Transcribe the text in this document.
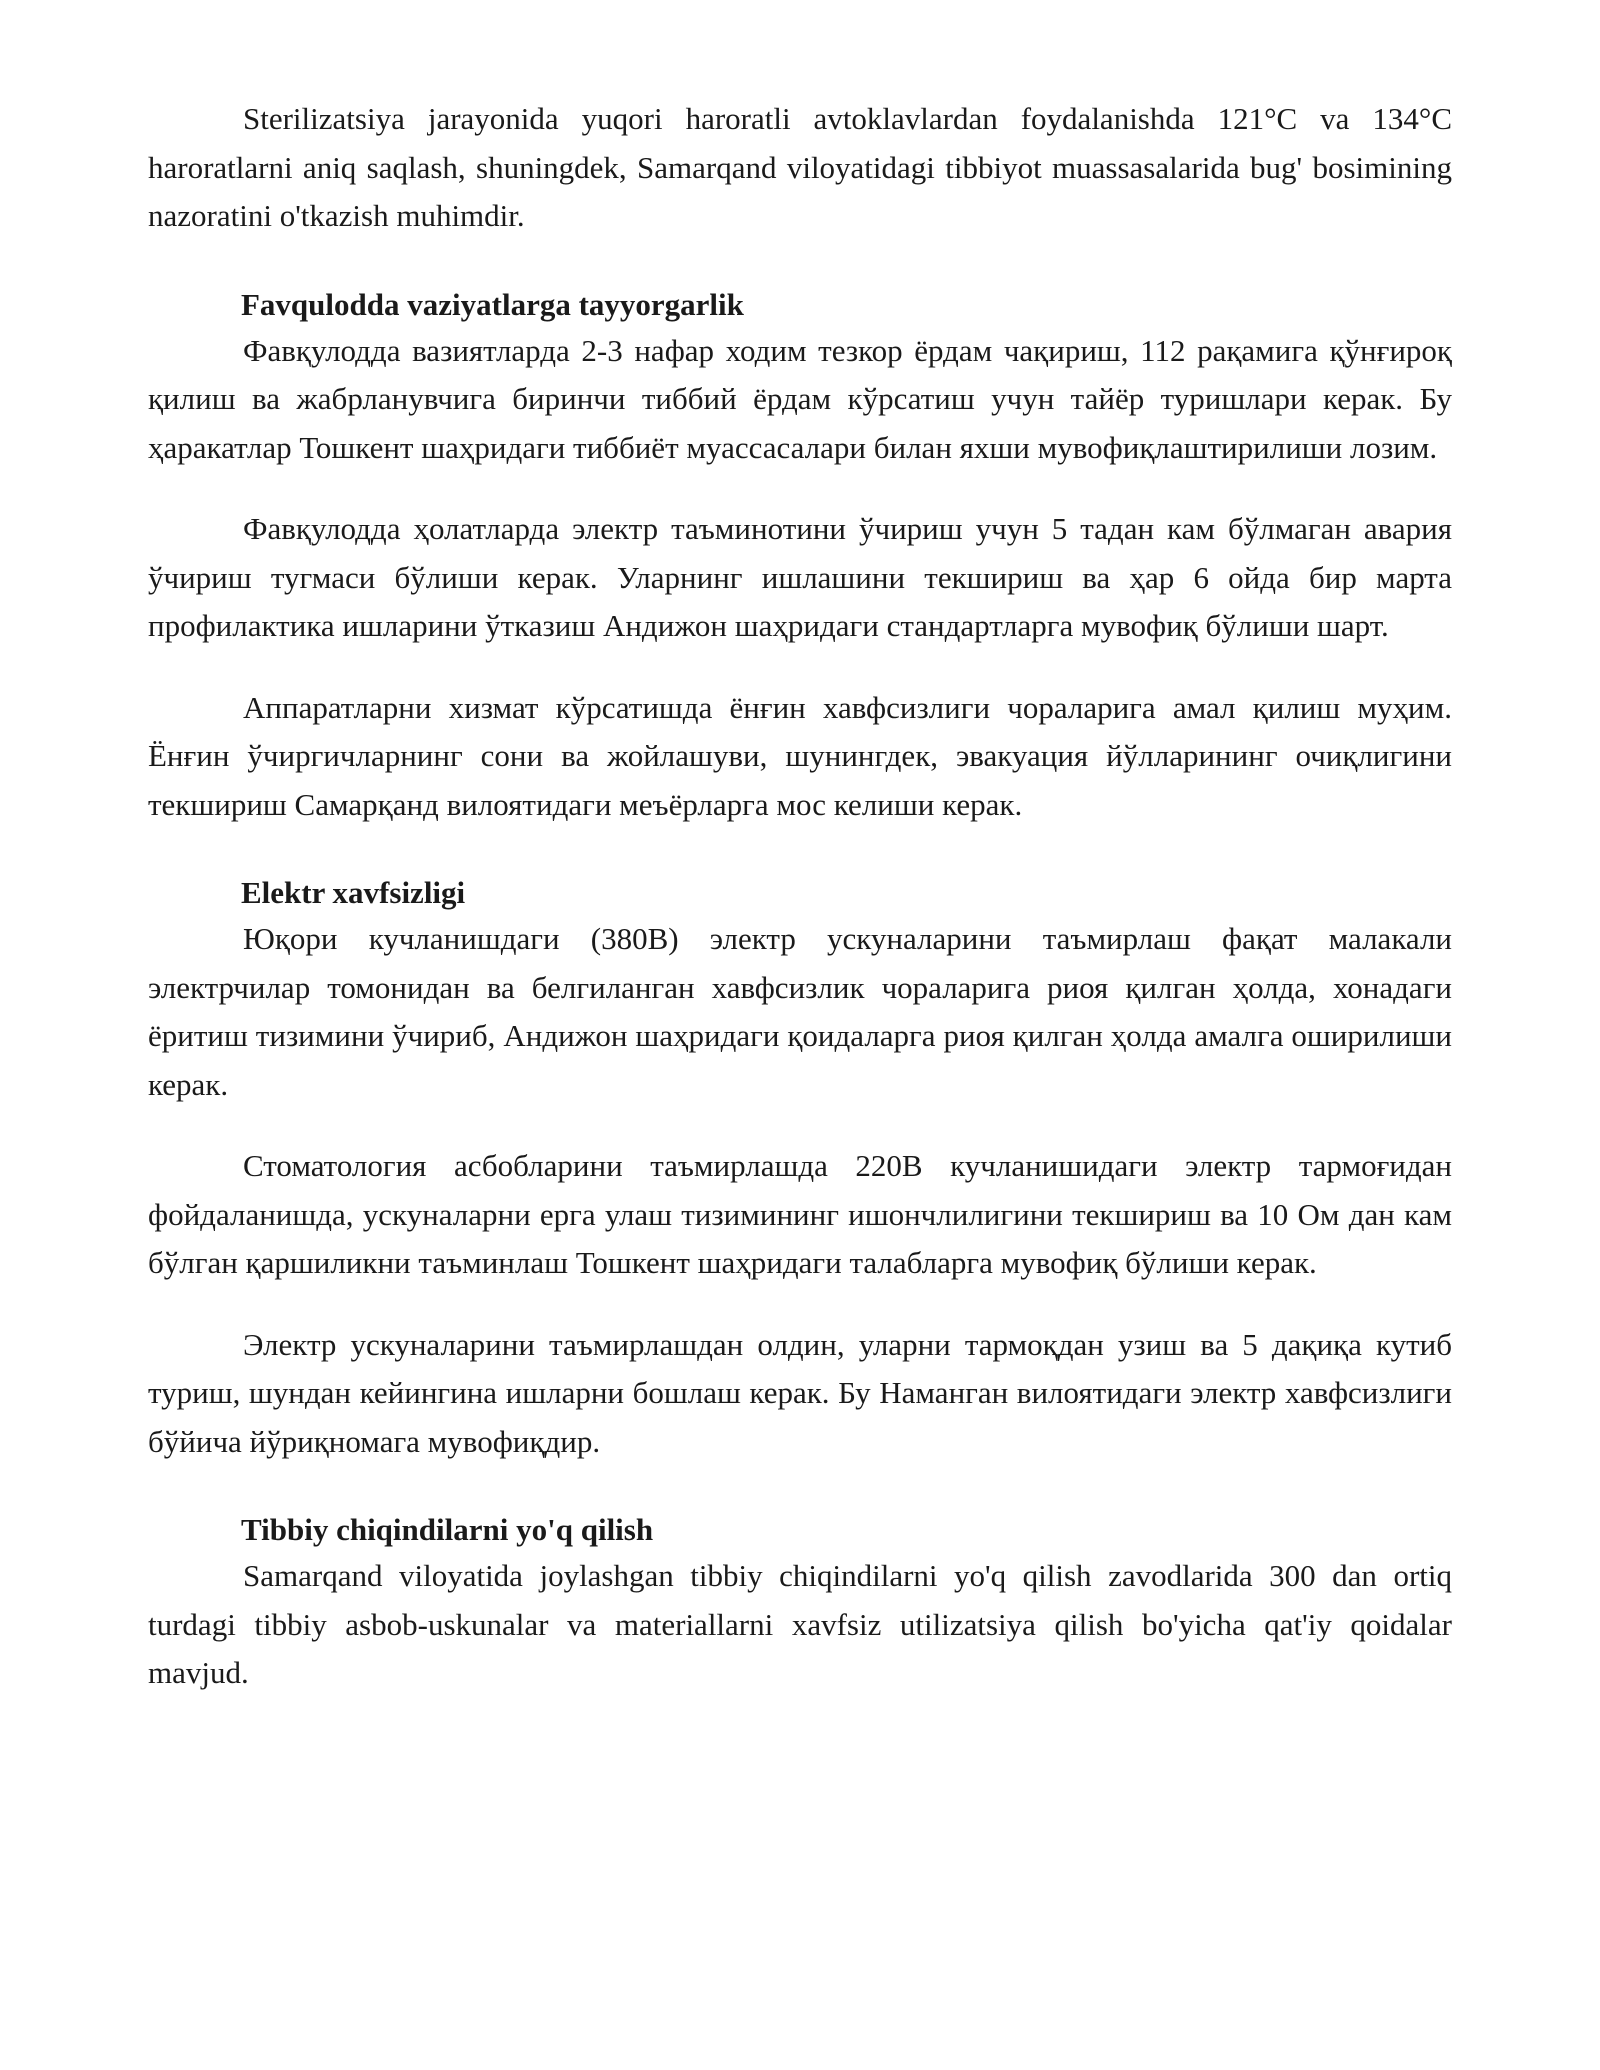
Sterilizatsiya jarayonida yuqori haroratli avtoklavlardan foydalanishda 121°C va 134°C haroratlarni aniq saqlash, shuningdek, Samarqand viloyatidagi tibbiyot muassasalarida bug' bosimining nazoratini o'tkazish muhimdir.

Favqulodda vaziyatlarga tayyorgarlik

Фавқулодда вазиятларда 2-3 нафар ходим тезкор ёрдам чақириш, 112 рақамига қўнғироқ қилиш ва жабрланувчига биринчи тиббий ёрдам кўрсатиш учун тайёр туришлари керак. Бу ҳаракатлар Тошкент шаҳридаги тиббиёт муассасалари билан яхши мувофиқлаштирилиши лозим.

Фавқулодда ҳолатларда электр таъминотини ўчириш учун 5 тадан кам бўлмаган авария ўчириш тугмаси бўлиши керак. Уларнинг ишлашини текшириш ва ҳар 6 ойда бир марта профилактика ишларини ўтказиш Андижон шаҳридаги стандартларга мувофиқ бўлиши шарт.

Аппаратларни хизмат кўрсатишда ёнғин хавфсизлиги чораларига амал қилиш муҳим. Ёнғин ўчиргичларнинг сони ва жойлашуви, шунингдек, эвакуация йўлларининг очиқлигини текшириш Самарқанд вилоятидаги меъёрларга мос келиши керак.

Elektr xavfsizligi

Юқори кучланишдаги (380В) электр ускуналарини таъмирлаш фақат малакали электрчилар томонидан ва белгиланган хавфсизлик чораларига риоя қилган ҳолда, хонадаги ёритиш тизимини ўчириб, Андижон шаҳридаги қоидаларга риоя қилган ҳолда амалга оширилиши керак.

Стоматология асбобларини таъмирлашда 220В кучланишидаги электр тармоғидан фойдаланишда, ускуналарни ерга улаш тизимининг ишончлилигини текшириш ва 10 Ом дан кам бўлган қаршиликни таъминлаш Тошкент шаҳридаги талабларга мувофиқ бўлиши керак.

Электр ускуналарини таъмирлашдан олдин, уларни тармоқдан узиш ва 5 дақиқа кутиб туриш, шундан кейингина ишларни бошлаш керак. Бу Наманган вилоятидаги электр хавфсизлиги бўйича йўриқномага мувофиқдир.

Tibbiy chiqindilarni yo'q qilish

Samarqand viloyatida joylashgan tibbiy chiqindilarni yo'q qilish zavodlarida 300 dan ortiq turdagi tibbiy asbob-uskunalar va materiallarni xavfsiz utilizatsiya qilish bo'yicha qat'iy qoidalar mavjud.
